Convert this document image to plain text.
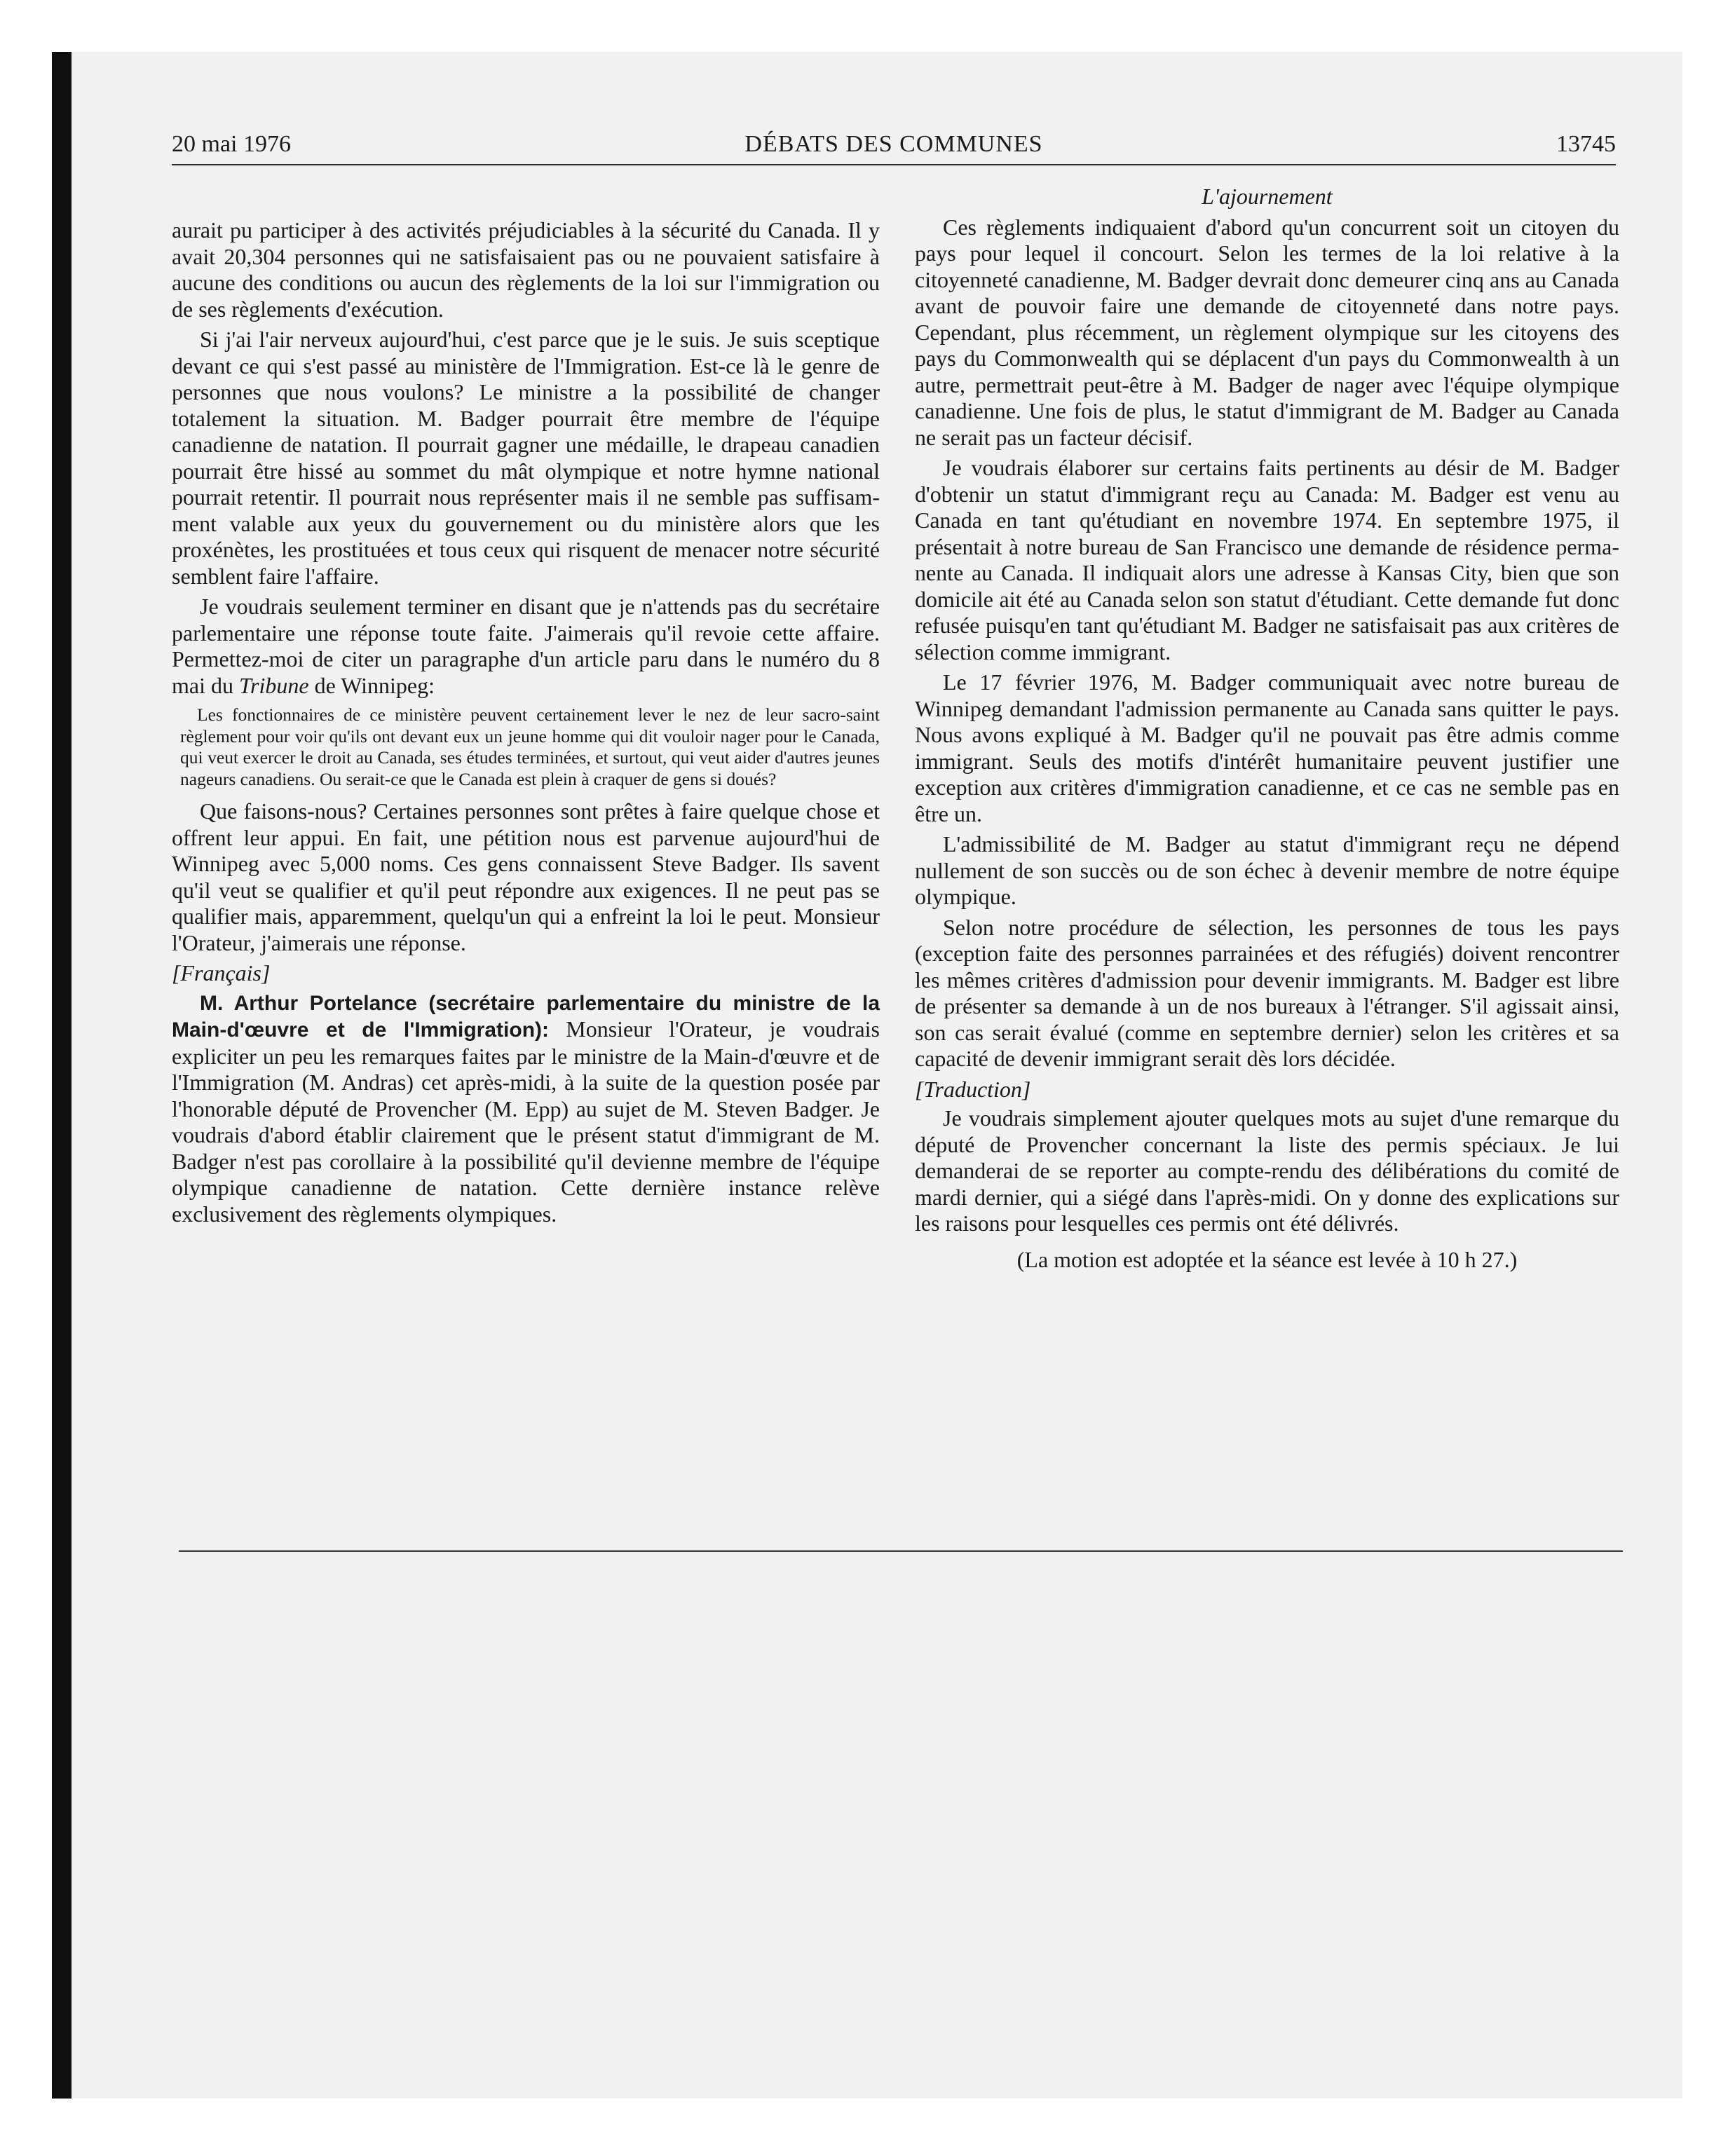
20 mai 1976	DÉBATS DES COMMUNES	13745

aurait pu participer à des activités préjudiciables à la sécurité du Canada. Il y avait 20,304 personnes qui ne satisfaisaient pas ou ne pouvaient satisfaire à aucune des conditions ou aucun des règlements de la loi sur l'immigration ou de ses règlements d'exécution.

Si j'ai l'air nerveux aujourd'hui, c'est parce que je le suis. Je suis sceptique devant ce qui s'est passé au ministère de l'Immigration. Est-ce là le genre de personnes que nous voulons? Le ministre a la possibilité de changer totalement la situation. M. Badger pourrait être membre de l'équipe canadienne de natation. Il pourrait gagner une médaille, le drapeau canadien pourrait être hissé au sommet du mât olympique et notre hymne national pourrait retentir. Il pourrait nous représenter mais il ne semble pas suffisamment valable aux yeux du gouvernement ou du ministère alors que les proxénètes, les prostituées et tous ceux qui risquent de menacer notre sécurité semblent faire l'affaire.

Je voudrais seulement terminer en disant que je n'attends pas du secrétaire parlementaire une réponse toute faite. J'aimerais qu'il revoie cette affaire. Permettez-moi de citer un paragraphe d'un article paru dans le numéro du 8 mai du Tribune de Winnipeg:

Les fonctionnaires de ce ministère peuvent certainement lever le nez de leur sacro-saint règlement pour voir qu'ils ont devant eux un jeune homme qui dit vouloir nager pour le Canada, qui veut exercer le droit au Canada, ses études terminées, et surtout, qui veut aider d'autres jeunes nageurs canadiens. Ou serait-ce que le Canada est plein à craquer de gens si doués?

Que faisons-nous? Certaines personnes sont prêtes à faire quelque chose et offrent leur appui. En fait, une pétition nous est parvenue aujourd'hui de Winnipeg avec 5,000 noms. Ces gens connaissent Steve Badger. Ils savent qu'il veut se qualifier et qu'il peut répondre aux exigences. Il ne peut pas se qualifier mais, apparemment, quelqu'un qui a enfreint la loi le peut. Monsieur l'Orateur, j'aimerais une réponse.

[Français]

M. Arthur Portelance (secrétaire parlementaire du ministre de la Main-d'œuvre et de l'Immigration): Monsieur l'Orateur, je voudrais expliciter un peu les remarques faites par le ministre de la Main-d'œuvre et de l'Immigration (M. Andras) cet après-midi, à la suite de la question posée par l'honorable député de Provencher (M. Epp) au sujet de M. Steven Badger. Je voudrais d'abord établir clairement que le présent statut d'immigrant de M. Badger n'est pas corollaire à la possibilité qu'il devienne membre de l'équipe olympique canadienne de natation. Cette dernière instance relève exclusivement des règlements olympiques.

L'ajournement

Ces règlements indiquaient d'abord qu'un concurrent soit un citoyen du pays pour lequel il concourt. Selon les termes de la loi relative à la citoyenneté canadienne, M. Badger devrait donc demeurer cinq ans au Canada avant de pouvoir faire une demande de citoyenneté dans notre pays. Cependant, plus récemment, un règlement olympique sur les citoyens des pays du Commonwealth qui se déplacent d'un pays du Commonwealth à un autre, permettrait peut-être à M. Badger de nager avec l'équipe olympique canadienne. Une fois de plus, le statut d'immigrant de M. Badger au Canada ne serait pas un facteur décisif.

Je voudrais élaborer sur certains faits pertinents au désir de M. Badger d'obtenir un statut d'immigrant reçu au Canada: M. Badger est venu au Canada en tant qu'étudiant en novembre 1974. En septembre 1975, il présentait à notre bureau de San Francisco une demande de résidence permanente au Canada. Il indiquait alors une adresse à Kansas City, bien que son domicile ait été au Canada selon son statut d'étudiant. Cette demande fut donc refusée puisqu'en tant qu'étudiant M. Badger ne satisfaisait pas aux critères de sélection comme immigrant.

Le 17 février 1976, M. Badger communiquait avec notre bureau de Winnipeg demandant l'admission permanente au Canada sans quitter le pays. Nous avons expliqué à M. Badger qu'il ne pouvait pas être admis comme immigrant. Seuls des motifs d'intérêt humanitaire peuvent justifier une exception aux critères d'immigration canadienne, et ce cas ne semble pas en être un.

L'admissibilité de M. Badger au statut d'immigrant reçu ne dépend nullement de son succès ou de son échec à devenir membre de notre équipe olympique.

Selon notre procédure de sélection, les personnes de tous les pays (exception faite des personnes parrainées et des réfugiés) doivent rencontrer les mêmes critères d'admission pour devenir immigrants. M. Badger est libre de présenter sa demande à un de nos bureaux à l'étranger. S'il agissait ainsi, son cas serait évalué (comme en septembre dernier) selon les critères et sa capacité de devenir immigrant serait dès lors décidée.

[Traduction]

Je voudrais simplement ajouter quelques mots au sujet d'une remarque du député de Provencher concernant la liste des permis spéciaux. Je lui demanderai de se reporter au compte-rendu des délibérations du comité de mardi dernier, qui a siégé dans l'après-midi. On y donne des explications sur les raisons pour lesquelles ces permis ont été délivrés.

(La motion est adoptée et la séance est levée à 10 h 27.)
